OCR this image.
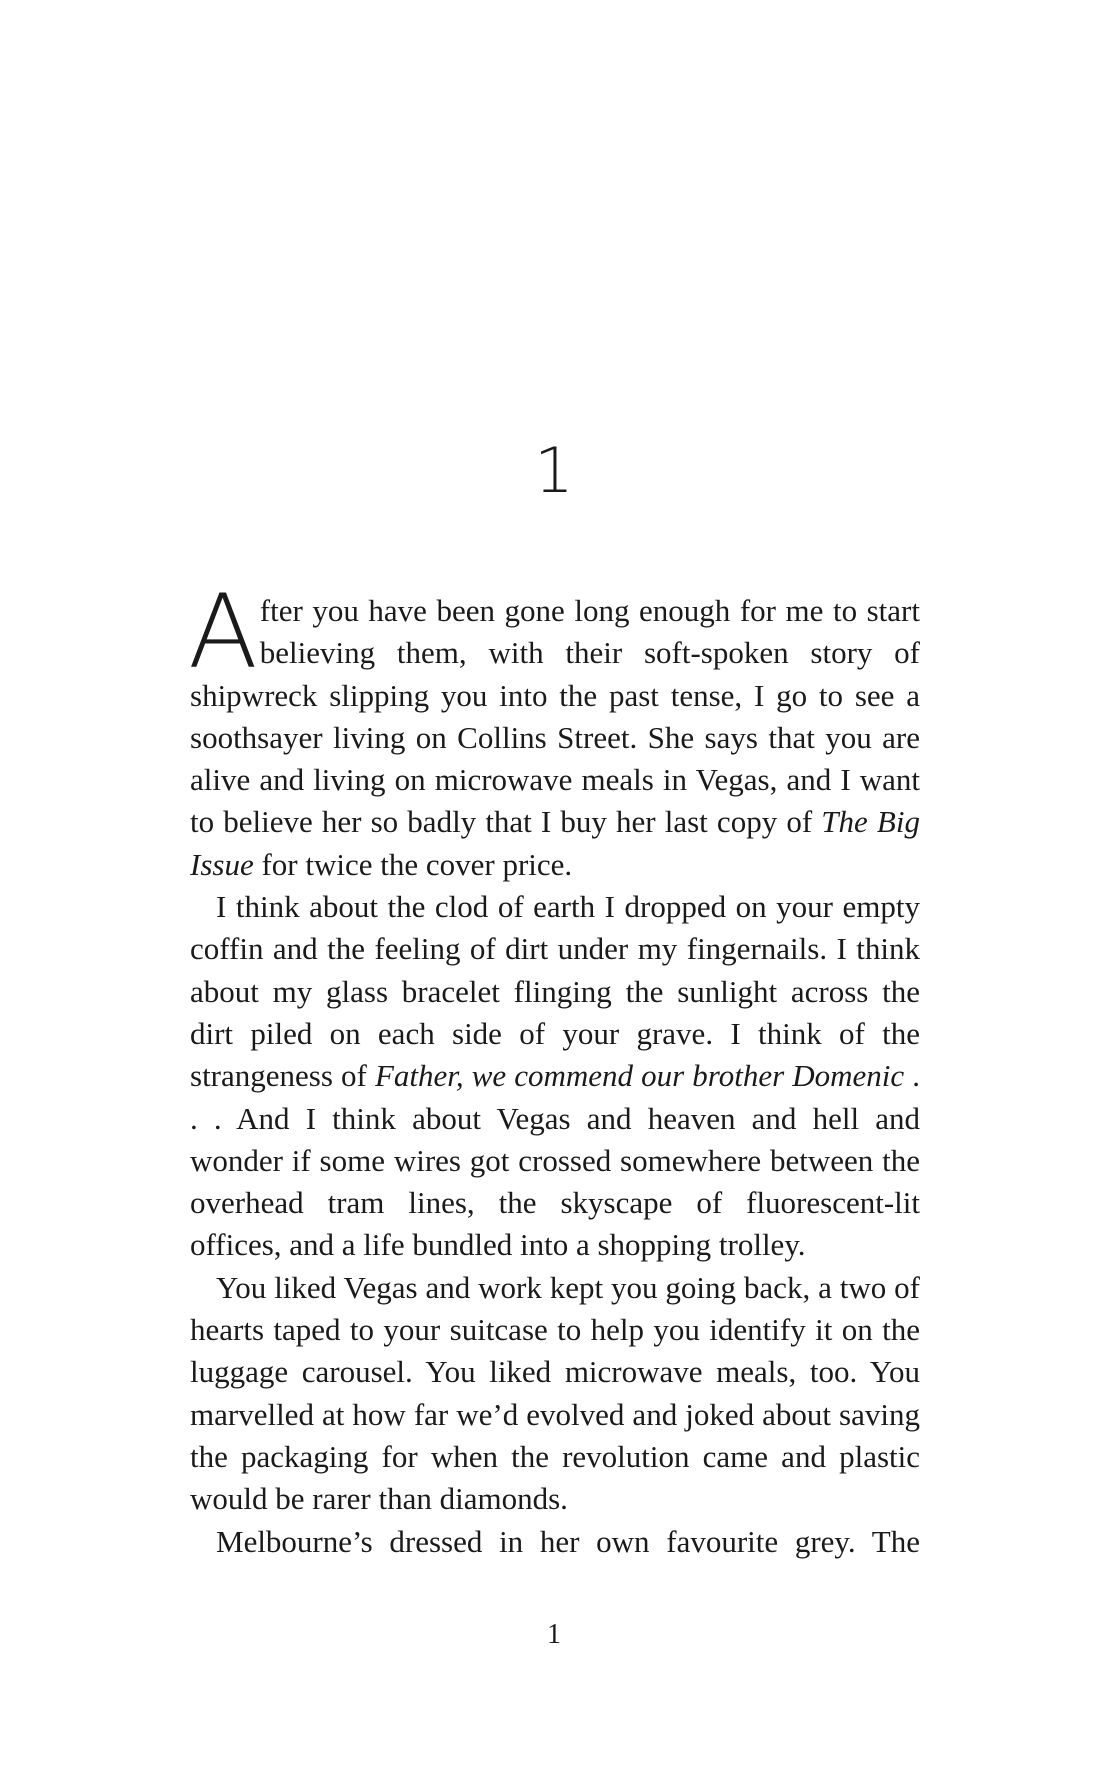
1

After you have been gone long enough for me to start believing them, with their soft-spoken story of shipwreck slipping you into the past tense, I go to see a soothsayer living on Collins Street. She says that you are alive and living on microwave meals in Vegas, and I want to believe her so badly that I buy her last copy of The Big Issue for twice the cover price.

I think about the clod of earth I dropped on your empty coffin and the feeling of dirt under my fingernails. I think about my glass bracelet flinging the sunlight across the dirt piled on each side of your grave. I think of the strangeness of Father, we commend our brother Domenic . . . And I think about Vegas and heaven and hell and wonder if some wires got crossed somewhere between the overhead tram lines, the skyscape of fluorescent-lit offices, and a life bundled into a shopping trolley.

You liked Vegas and work kept you going back, a two of hearts taped to your suitcase to help you identify it on the luggage carousel. You liked microwave meals, too. You marvelled at how far we’d evolved and joked about saving the packaging for when the revolution came and plastic would be rarer than diamonds.

Melbourne’s dressed in her own favourite grey. The

1
